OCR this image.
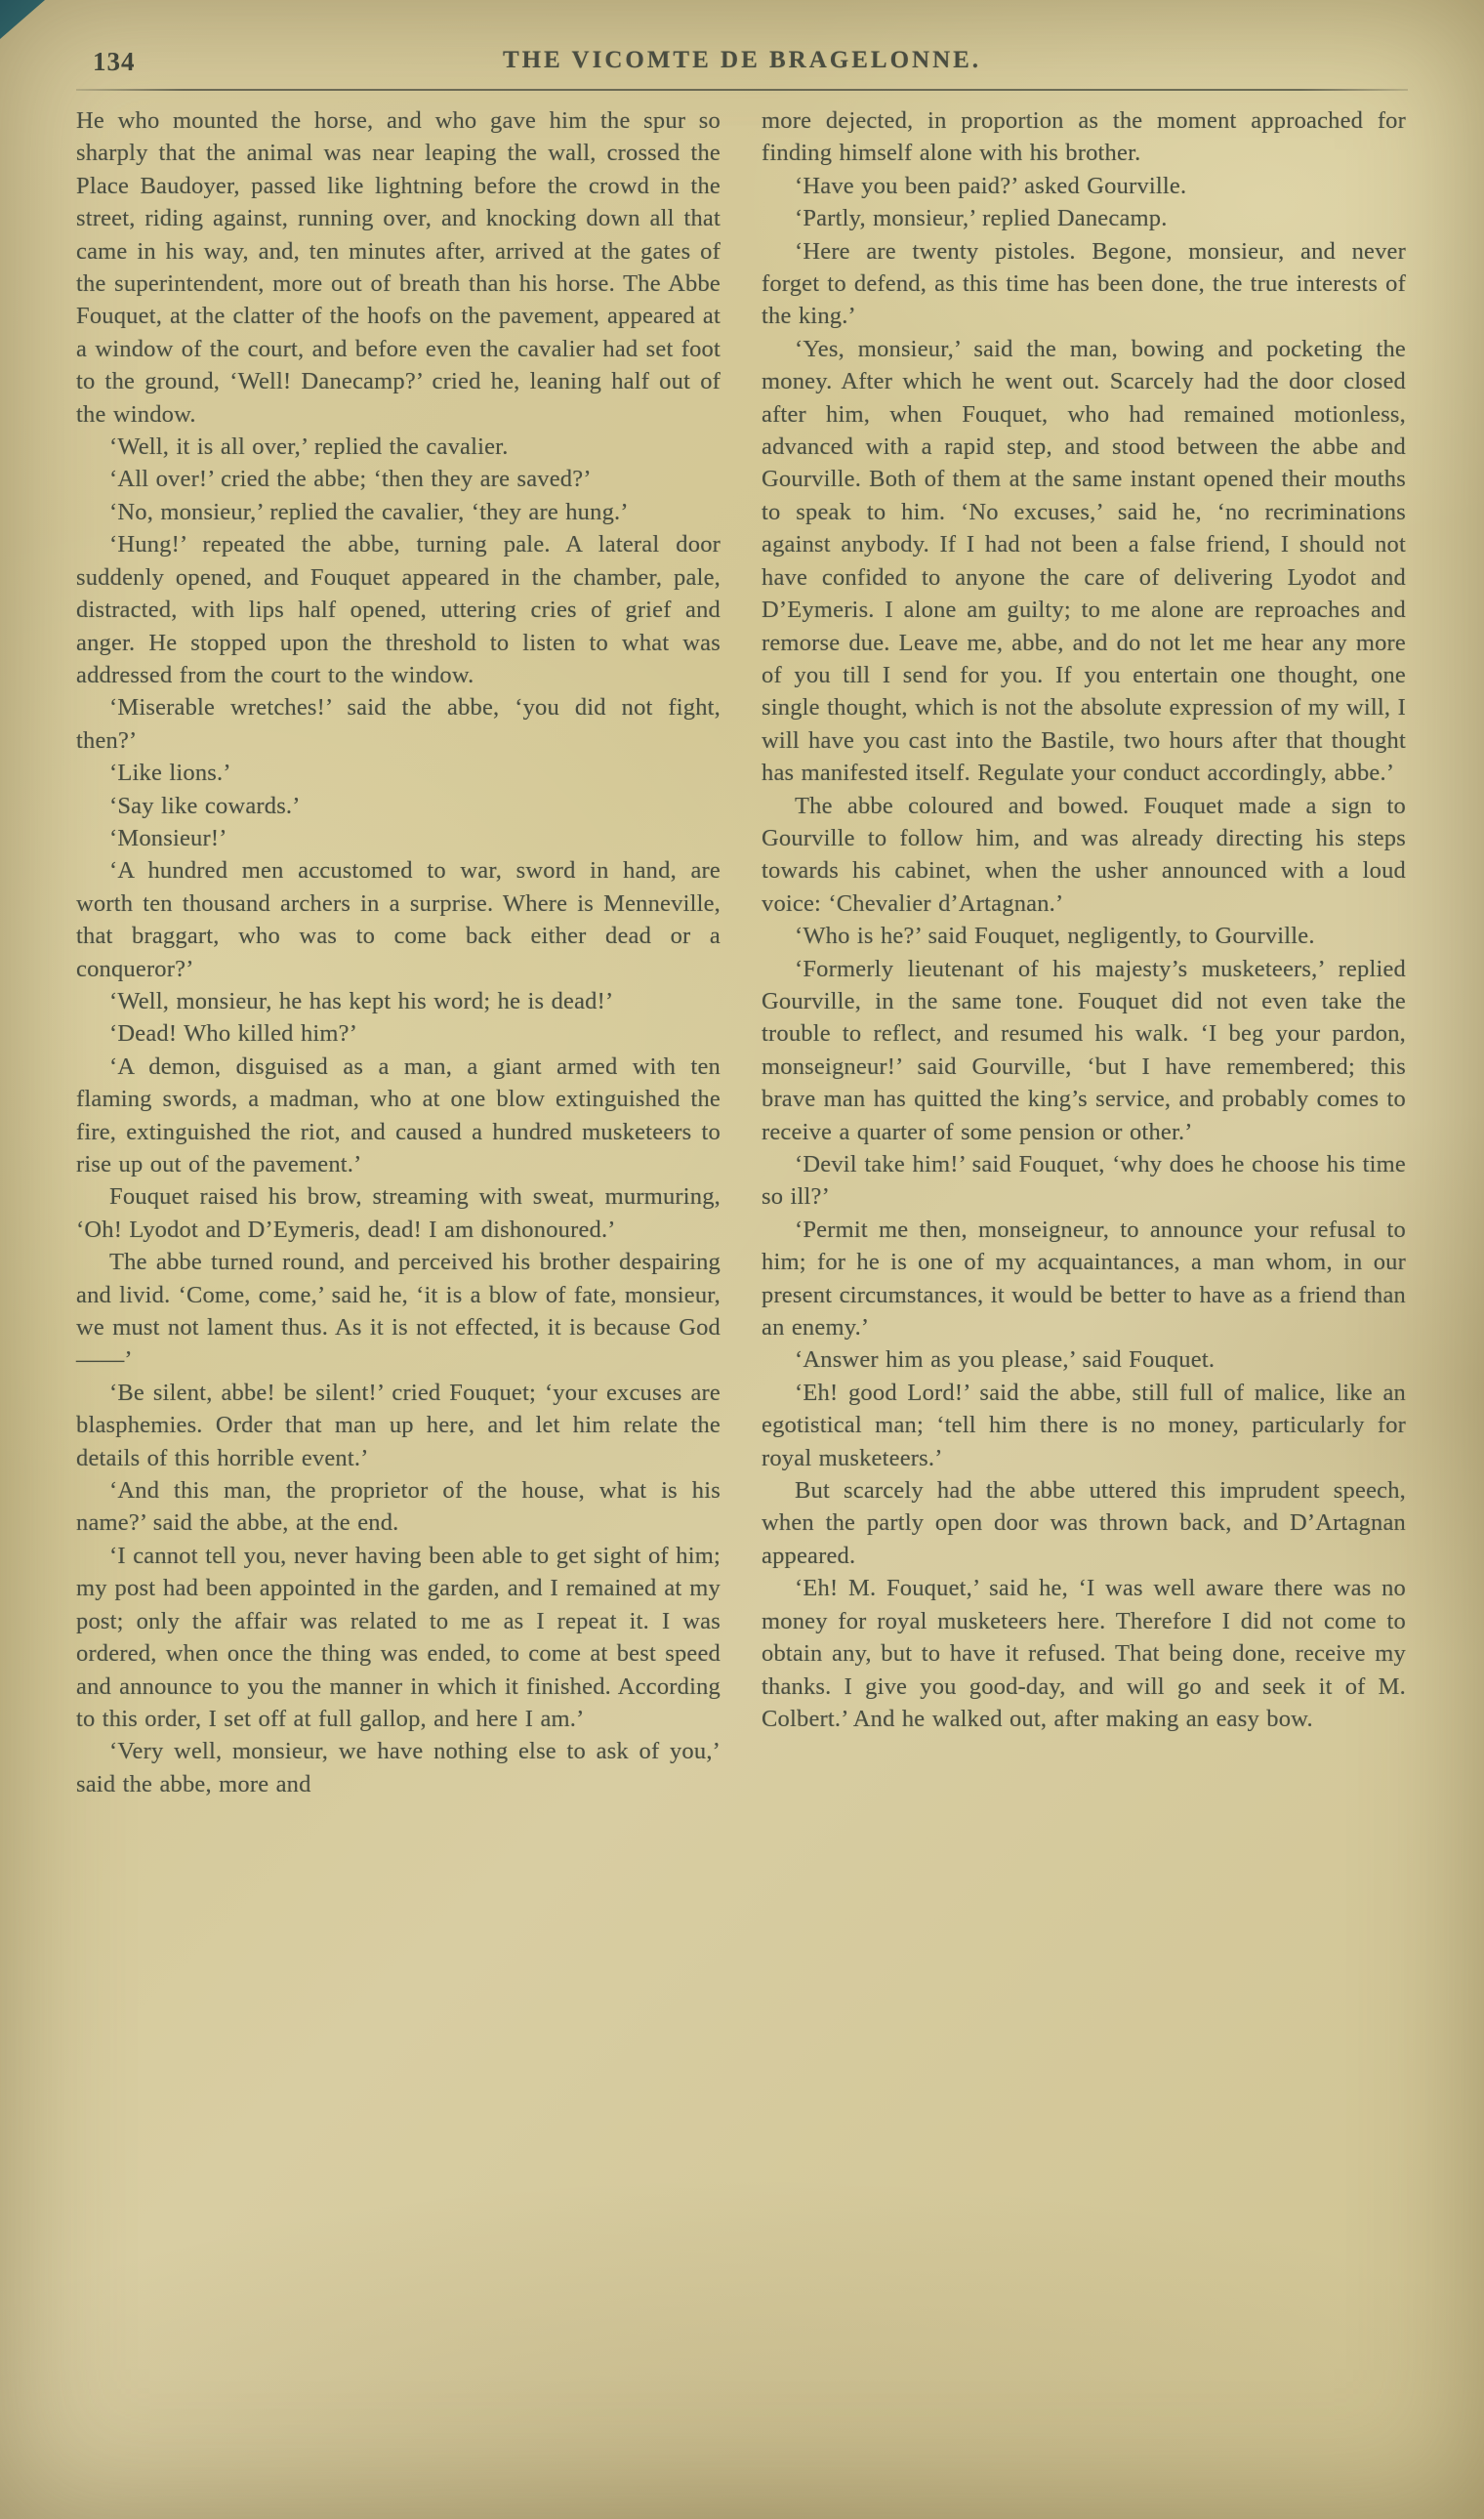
134	THE VICOMTE DE BRAGELONNE.

He who mounted the horse, and who gave him the spur so sharply that the animal was near leaping the wall, crossed the Place Baudoyer, passed like lightning before the crowd in the street, riding against, running over, and knocking down all that came in his way, and, ten minutes after, arrived at the gates of the superintendent, more out of breath than his horse. The Abbe Fouquet, at the clatter of the hoofs on the pavement, appeared at a window of the court, and before even the cavalier had set foot to the ground, ‘Well! Danecamp?’ cried he, leaning half out of the window.

‘Well, it is all over,’ replied the cavalier.

‘All over!’ cried the abbe; ‘then they are saved?’

‘No, monsieur,’ replied the cavalier, ‘they are hung.’

‘Hung!’ repeated the abbe, turning pale. A lateral door suddenly opened, and Fouquet appeared in the chamber, pale, distracted, with lips half opened, uttering cries of grief and anger. He stopped upon the threshold to listen to what was addressed from the court to the window.

‘Miserable wretches!’ said the abbe, ‘you did not fight, then?’

‘Like lions.’

‘Say like cowards.’

‘Monsieur!’

‘A hundred men accustomed to war, sword in hand, are worth ten thousand archers in a surprise. Where is Menneville, that braggart, who was to come back either dead or a conqueror?’

‘Well, monsieur, he has kept his word; he is dead!’

‘Dead! Who killed him?’

‘A demon, disguised as a man, a giant armed with ten flaming swords, a madman, who at one blow extinguished the fire, extinguished the riot, and caused a hundred musketeers to rise up out of the pavement.’

Fouquet raised his brow, streaming with sweat, murmuring, ‘Oh! Lyodot and D’Eymeris, dead! I am dishonoured.’

The abbe turned round, and perceived his brother despairing and livid. ‘Come, come,’ said he, ‘it is a blow of fate, monsieur, we must not lament thus. As it is not effected, it is because God——’

‘Be silent, abbe! be silent!’ cried Fouquet; ‘your excuses are blasphemies. Order that man up here, and let him relate the details of this horrible event.’

‘And this man, the proprietor of the house, what is his name?’ said the abbe, at the end.

‘I cannot tell you, never having been able to get sight of him; my post had been appointed in the garden, and I remained at my post; only the affair was related to me as I repeat it. I was ordered, when once the thing was ended, to come at best speed and announce to you the manner in which it finished. According to this order, I set off at full gallop, and here I am.’

‘Very well, monsieur, we have nothing else to ask of you,’ said the abbe, more and

more dejected, in proportion as the moment approached for finding himself alone with his brother.

‘Have you been paid?’ asked Gourville.

‘Partly, monsieur,’ replied Danecamp.

‘Here are twenty pistoles. Begone, monsieur, and never forget to defend, as this time has been done, the true interests of the king.’

‘Yes, monsieur,’ said the man, bowing and pocketing the money. After which he went out. Scarcely had the door closed after him, when Fouquet, who had remained motionless, advanced with a rapid step, and stood between the abbe and Gourville. Both of them at the same instant opened their mouths to speak to him. ‘No excuses,’ said he, ‘no recriminations against anybody. If I had not been a false friend, I should not have confided to anyone the care of delivering Lyodot and D’Eymeris. I alone am guilty; to me alone are reproaches and remorse due. Leave me, abbe, and do not let me hear any more of you till I send for you. If you entertain one thought, one single thought, which is not the absolute expression of my will, I will have you cast into the Bastile, two hours after that thought has manifested itself. Regulate your conduct accordingly, abbe.’

The abbe coloured and bowed. Fouquet made a sign to Gourville to follow him, and was already directing his steps towards his cabinet, when the usher announced with a loud voice: ‘Chevalier d’Artagnan.’

‘Who is he?’ said Fouquet, negligently, to Gourville.

‘Formerly lieutenant of his majesty’s musketeers,’ replied Gourville, in the same tone. Fouquet did not even take the trouble to reflect, and resumed his walk. ‘I beg your pardon, monseigneur!’ said Gourville, ‘but I have remembered; this brave man has quitted the king’s service, and probably comes to receive a quarter of some pension or other.’

‘Devil take him!’ said Fouquet, ‘why does he choose his time so ill?’

‘Permit me then, monseigneur, to announce your refusal to him; for he is one of my acquaintances, a man whom, in our present circumstances, it would be better to have as a friend than an enemy.’

‘Answer him as you please,’ said Fouquet.

‘Eh! good Lord!’ said the abbe, still full of malice, like an egotistical man; ‘tell him there is no money, particularly for royal musketeers.’

But scarcely had the abbe uttered this imprudent speech, when the partly open door was thrown back, and D’Artagnan appeared.

‘Eh! M. Fouquet,’ said he, ‘I was well aware there was no money for royal musketeers here. Therefore I did not come to obtain any, but to have it refused. That being done, receive my thanks. I give you good-day, and will go and seek it of M. Colbert.’ And he walked out, after making an easy bow.
